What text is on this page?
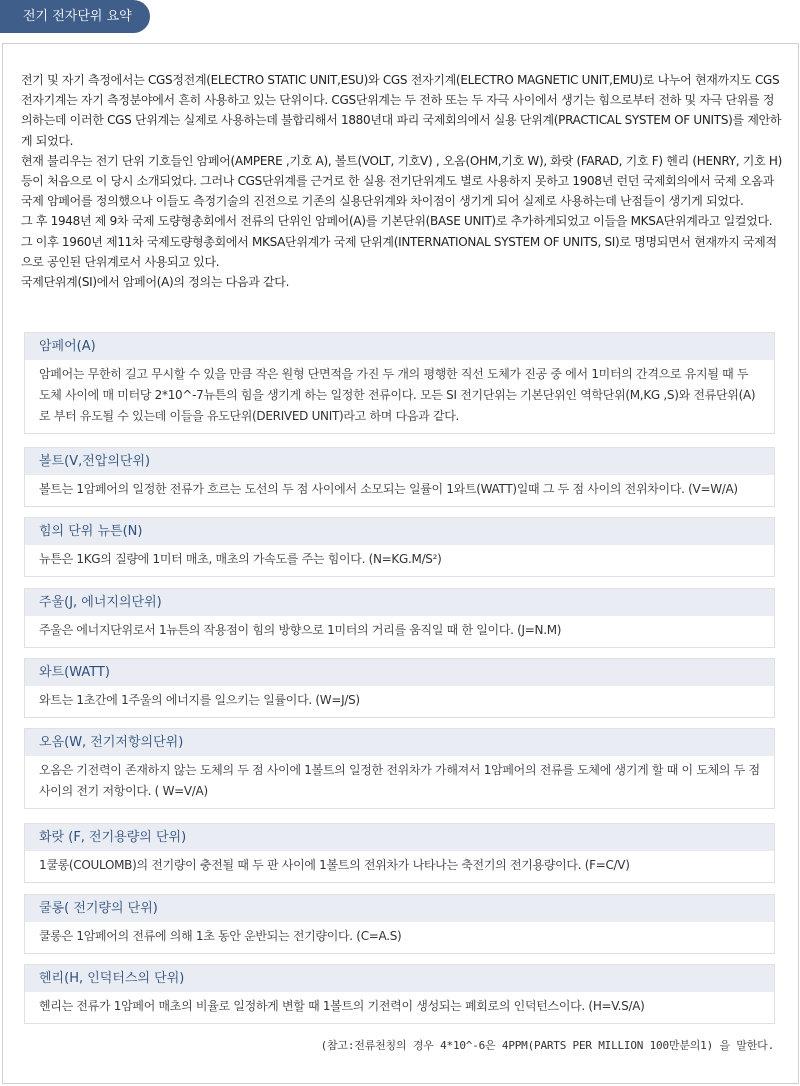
전기 전자단위 요약

전기 및 자기 측정에서는 CGS정전계(ELECTRO STATIC UNIT,ESU)와 CGS 전자기계(ELECTRO MAGNETIC UNIT,EMU)로 나누어 현재까지도 CGS 전자기계는 자기 측정분야에서 흔히 사용하고 있는 단위이다. CGS단위계는 두 전하 또는 두 자극 사이에서 생기는 힘으로부터 전하 및 자극 단위를 정의하는데 이러한 CGS 단위계는 실제로 사용하는데 불합리해서 1880년대 파리 국제회의에서 실용 단위계(PRACTICAL SYSTEM OF UNITS)를 제안하게 되었다.

현재 불리우는 전기 단위 기호들인 암페어(AMPERE ,기호 A), 볼트(VOLT, 기호V) , 오옴(OHM,기호 W), 화랏 (FARAD, 기호 F) 헨리 (HENRY, 기호 H)등이 처음으로 이 당시 소개되었다. 그러나 CGS단위계를 근거로 한 실용 전기단위계도 별로 사용하지 못하고 1908년 런던 국제회의에서 국제 오옴과 국제 암페어를 정의했으나 이들도 측정기술의 진전으로 기존의 실용단위계와 차이점이 생기게 되어 실제로 사용하는데 난점들이 생기게 되었다.

그 후 1948년 제 9차 국제 도량형총회에서 전류의 단위인 암페어(A)를 기본단위(BASE UNIT)로 추가하게되었고 이들을 MKSA단위계라고 일컬었다. 그 이후 1960년 제11차 국제도량형총회에서 MKSA단위계가 국제 단위계(INTERNATIONAL SYSTEM OF UNITS, SI)로 명명되면서 현재까지 국제적으로 공인된 단위계로서 사용되고 있다.

국제단위계(SI)에서 암페어(A)의 정의는 다음과 같다.

암페어(A)
암페어는 무한히 길고 무시할 수 있을 만큼 작은 원형 단면적을 가진 두 개의 평행한 직선 도체가 진공 중 에서 1미터의 간격으로 유지될 때 두 도체 사이에 매 미터당 2*10^-7뉴튼의 힘을 생기게 하는 일정한 전류이다. 모든 SI 전기단위는 기본단위인 역학단위(M,KG ,S)와 전류단위(A)로 부터 유도될 수 있는데 이들을 유도단위(DERIVED UNIT)라고 하며 다음과 같다.
볼트(V,전압의단위)
볼트는 1암페어의 일정한 전류가 흐르는 도선의 두 점 사이에서 소모되는 일률이 1와트(WATT)일때 그 두 점 사이의 전위차이다. (V=W/A)
힘의 단위 뉴튼(N)
뉴튼은 1KG의 질량에 1미터 매초, 매초의 가속도를 주는 힘이다. (N=KG.M/S²)
주울(J, 에너지의단위)
주울은 에너지단위로서 1뉴튼의 작용점이 힘의 방향으로 1미터의 거리를 움직일 때 한 일이다. (J=N.M)
와트(WATT)
와트는 1초간에 1주울의 에너지를 일으키는 일률이다. (W=J/S)
오옴(W, 전기저항의단위)
오옴은 기전력이 존재하지 않는 도체의 두 점 사이에 1볼트의 일정한 전위차가 가해져서 1암페어의 전류를 도체에 생기게 할 때 이 도체의 두 점 사이의 전기 저항이다. ( W=V/A)
화랏 (F, 전기용량의 단위)
1쿨롱(COULOMB)의 전기량이 충전될 때 두 판 사이에 1볼트의 전위차가 나타나는 축전기의 전기용량이다. (F=C/V)
쿨롱( 전기량의 단위)
쿨롱은 1암페어의 전류에 의해 1초 동안 운반되는 전기량이다. (C=A.S)
헨리(H, 인덕터스의 단위)
헨리는 전류가 1암페어 매초의 비율로 일정하게 변할 때 1볼트의 기전력이 생성되는 폐회로의 인덕턴스이다. (H=V.S/A)
(참고:전류천칭의 경우 4*10^-6은 4PPM(PARTS PER MILLION 100만분의1) 을 말한다.
